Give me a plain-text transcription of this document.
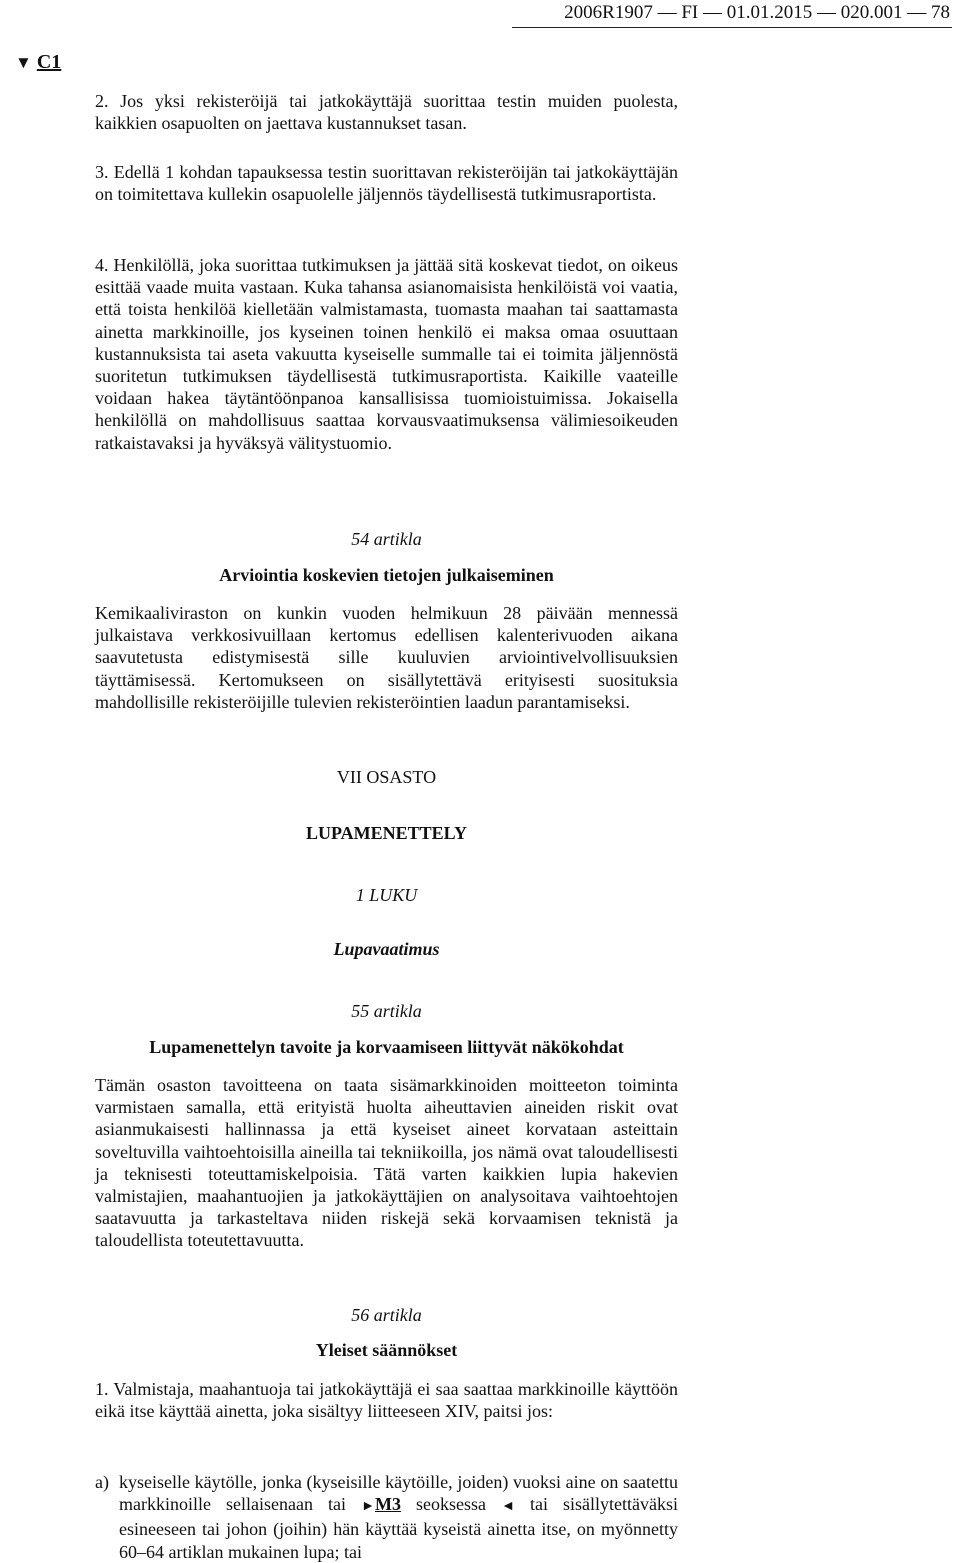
2006R1907 — FI — 01.01.2015 — 020.001 — 78
▼ C1

2. Jos yksi rekisteröijä tai jatkokäyttäjä suorittaa testin muiden puolesta, kaikkien osapuolten on jaettava kustannukset tasan.

3. Edellä 1 kohdan tapauksessa testin suorittavan rekisteröijän tai jatkokäyttäjän on toimitettava kullekin osapuolelle jäljennös täydellisestä tutkimusraportista.

4. Henkilöllä, joka suorittaa tutkimuksen ja jättää sitä koskevat tiedot, on oikeus esittää vaade muita vastaan. Kuka tahansa asianomaisista henkilöistä voi vaatia, että toista henkilöä kielletään valmistamasta, tuomasta maahan tai saattamasta ainetta markkinoille, jos kyseinen toinen henkilö ei maksa omaa osuuttaan kustannuksista tai aseta vakuutta kyseiselle summalle tai ei toimita jäljennöstä suoritetun tutkimuksen täydellisestä tutkimusraportista. Kaikille vaateille voidaan hakea täytäntöönpanoa kansallisissa tuomioistuimissa. Jokaisella henkilöllä on mahdollisuus saattaa korvausvaatimuksensa välimiesoikeuden ratkaistavaksi ja hyväksyä välitystuomio.

54 artikla
Arviointia koskevien tietojen julkaiseminen

Kemikaaliviraston on kunkin vuoden helmikuun 28 päivään mennessä julkaistava verkkosivuillaan kertomus edellisen kalenterivuoden aikana saavutetusta edistymisestä sille kuuluvien arviointivelvollisuuksien täyttämisessä. Kertomukseen on sisällytettävä erityisesti suosituksia mahdollisille rekisteröijille tulevien rekisteröintien laadun parantamiseksi.

VII OSASTO
LUPAMENETTELY
1 LUKU
Lupavaatimus
55 artikla
Lupamenettelyn tavoite ja korvaamiseen liittyvät näkökohdat

Tämän osaston tavoitteena on taata sisämarkkinoiden moitteeton toiminta varmistaen samalla, että erityistä huolta aiheuttavien aineiden riskit ovat asianmukaisesti hallinnassa ja että kyseiset aineet korvataan asteittain soveltuvilla vaihtoehtoisilla aineilla tai tekniikoilla, jos nämä ovat taloudellisesti ja teknisesti toteuttamiskelpoisia. Tätä varten kaikkien lupia hakevien valmistajien, maahantuojien ja jatkokäyttäjien on analysoitava vaihtoehtojen saatavuutta ja tarkasteltava niiden riskejä sekä korvaamisen teknistä ja taloudellista toteutettavuutta.

56 artikla
Yleiset säännökset

1. Valmistaja, maahantuoja tai jatkokäyttäjä ei saa saattaa markkinoille käyttöön eikä itse käyttää ainetta, joka sisältyy liitteeseen XIV, paitsi jos:

a) kyseiselle käytölle, jonka (kyseisille käytöille, joiden) vuoksi aine on saatettu markkinoille sellaisenaan tai ►M3 seoksessa ◄ tai sisällytettäväksi esineeseen tai johon (joihin) hän käyttää kyseistä ainetta itse, on myönnetty 60–64 artiklan mukainen lupa; tai
